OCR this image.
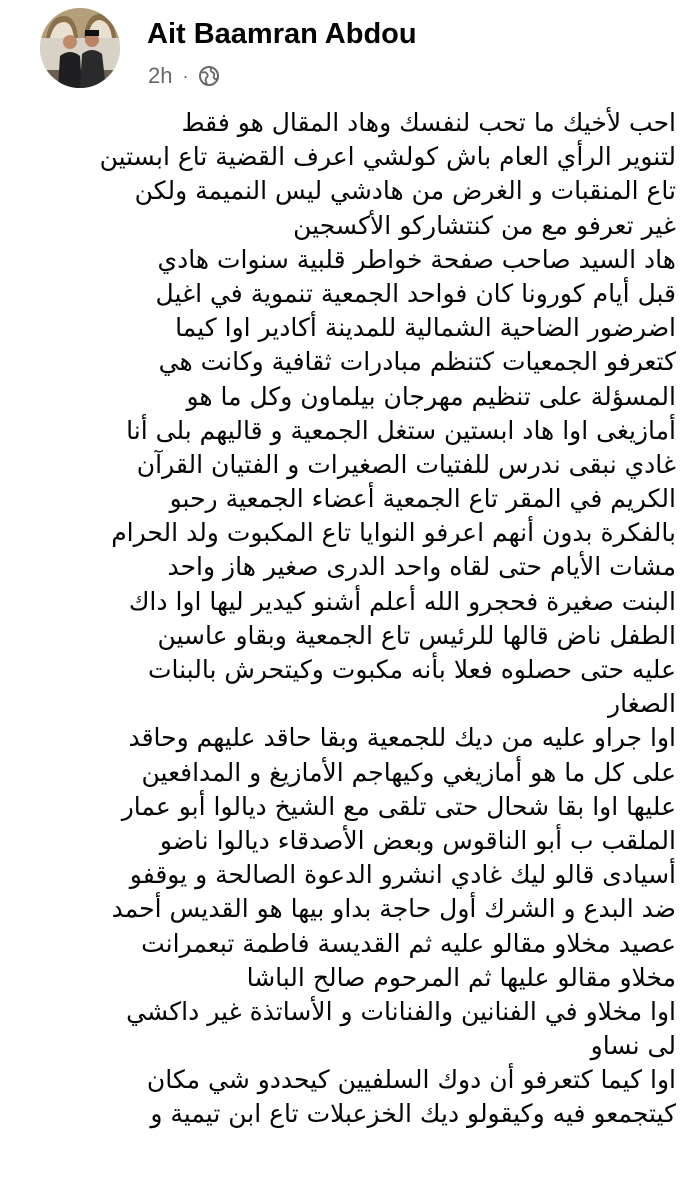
Ait Baamran Abdou
2h ·
احب لأخيك ما تحب لنفسك وهاد المقال هو فقط
لتنوير الرأي العام باش كولشي اعرف القضية تاع ابستين
تاع المنقبات و الغرض من هادشي ليس النميمة ولكن
غير تعرفو مع من كنتشاركو الأكسجين
هاد السيد صاحب صفحة خواطر قلبية سنوات هادي
قبل أيام كورونا كان فواحد الجمعية تنموية في اغيل
اضرضور الضاحية الشمالية للمدينة أكادير اوا كيما
كتعرفو الجمعيات كتنظم مبادرات ثقافية وكانت هي
المسؤلة على تنظيم مهرجان بيلماون وكل ما هو
أمازيغى اوا هاد ابستين ستغل الجمعية و قاليهم بلى أنا
غادي نبقى ندرس للفتيات الصغيرات و الفتيان القرآن
الكريم في المقر تاع الجمعية أعضاء الجمعية رحبو
بالفكرة بدون أنهم اعرفو النوايا تاع المكبوت ولد الحرام
مشات الأيام حتى لقاه واحد الدرى صغير هاز واحد
البنت صغيرة فحجرو الله أعلم أشنو كيدير ليها اوا داك
الطفل ناض قالها للرئيس تاع الجمعية وبقاو عاسين
عليه حتى حصلوه فعلا بأنه مكبوت وكيتحرش بالبنات
الصغار
اوا جراو عليه من ديك للجمعية وبقا حاقد عليهم وحاقد
على كل ما هو أمازيغي وكيهاجم الأمازيغ و المدافعين
عليها اوا بقا شحال حتى تلقى مع الشيخ ديالوا أبو عمار
الملقب ب أبو الناقوس وبعض الأصدقاء ديالوا ناضو
أسيادى قالو ليك غادي انشرو الدعوة الصالحة و يوقفو
ضد البدع و الشرك أول حاجة بداو بيها هو القديس أحمد
عصيد مخلاو مقالو عليه ثم القديسة فاطمة تبعمرانت
مخلاو مقالو عليها ثم المرحوم صالح الباشا
اوا مخلاو في الفنانين والفنانات و الأساتذة غير داكشي
لى نساو
اوا كيما كتعرفو أن دوك السلفيين كيحددو شي مكان
كيتجمعو فيه وكيقولو ديك الخزعبلات تاع ابن تيمية و
